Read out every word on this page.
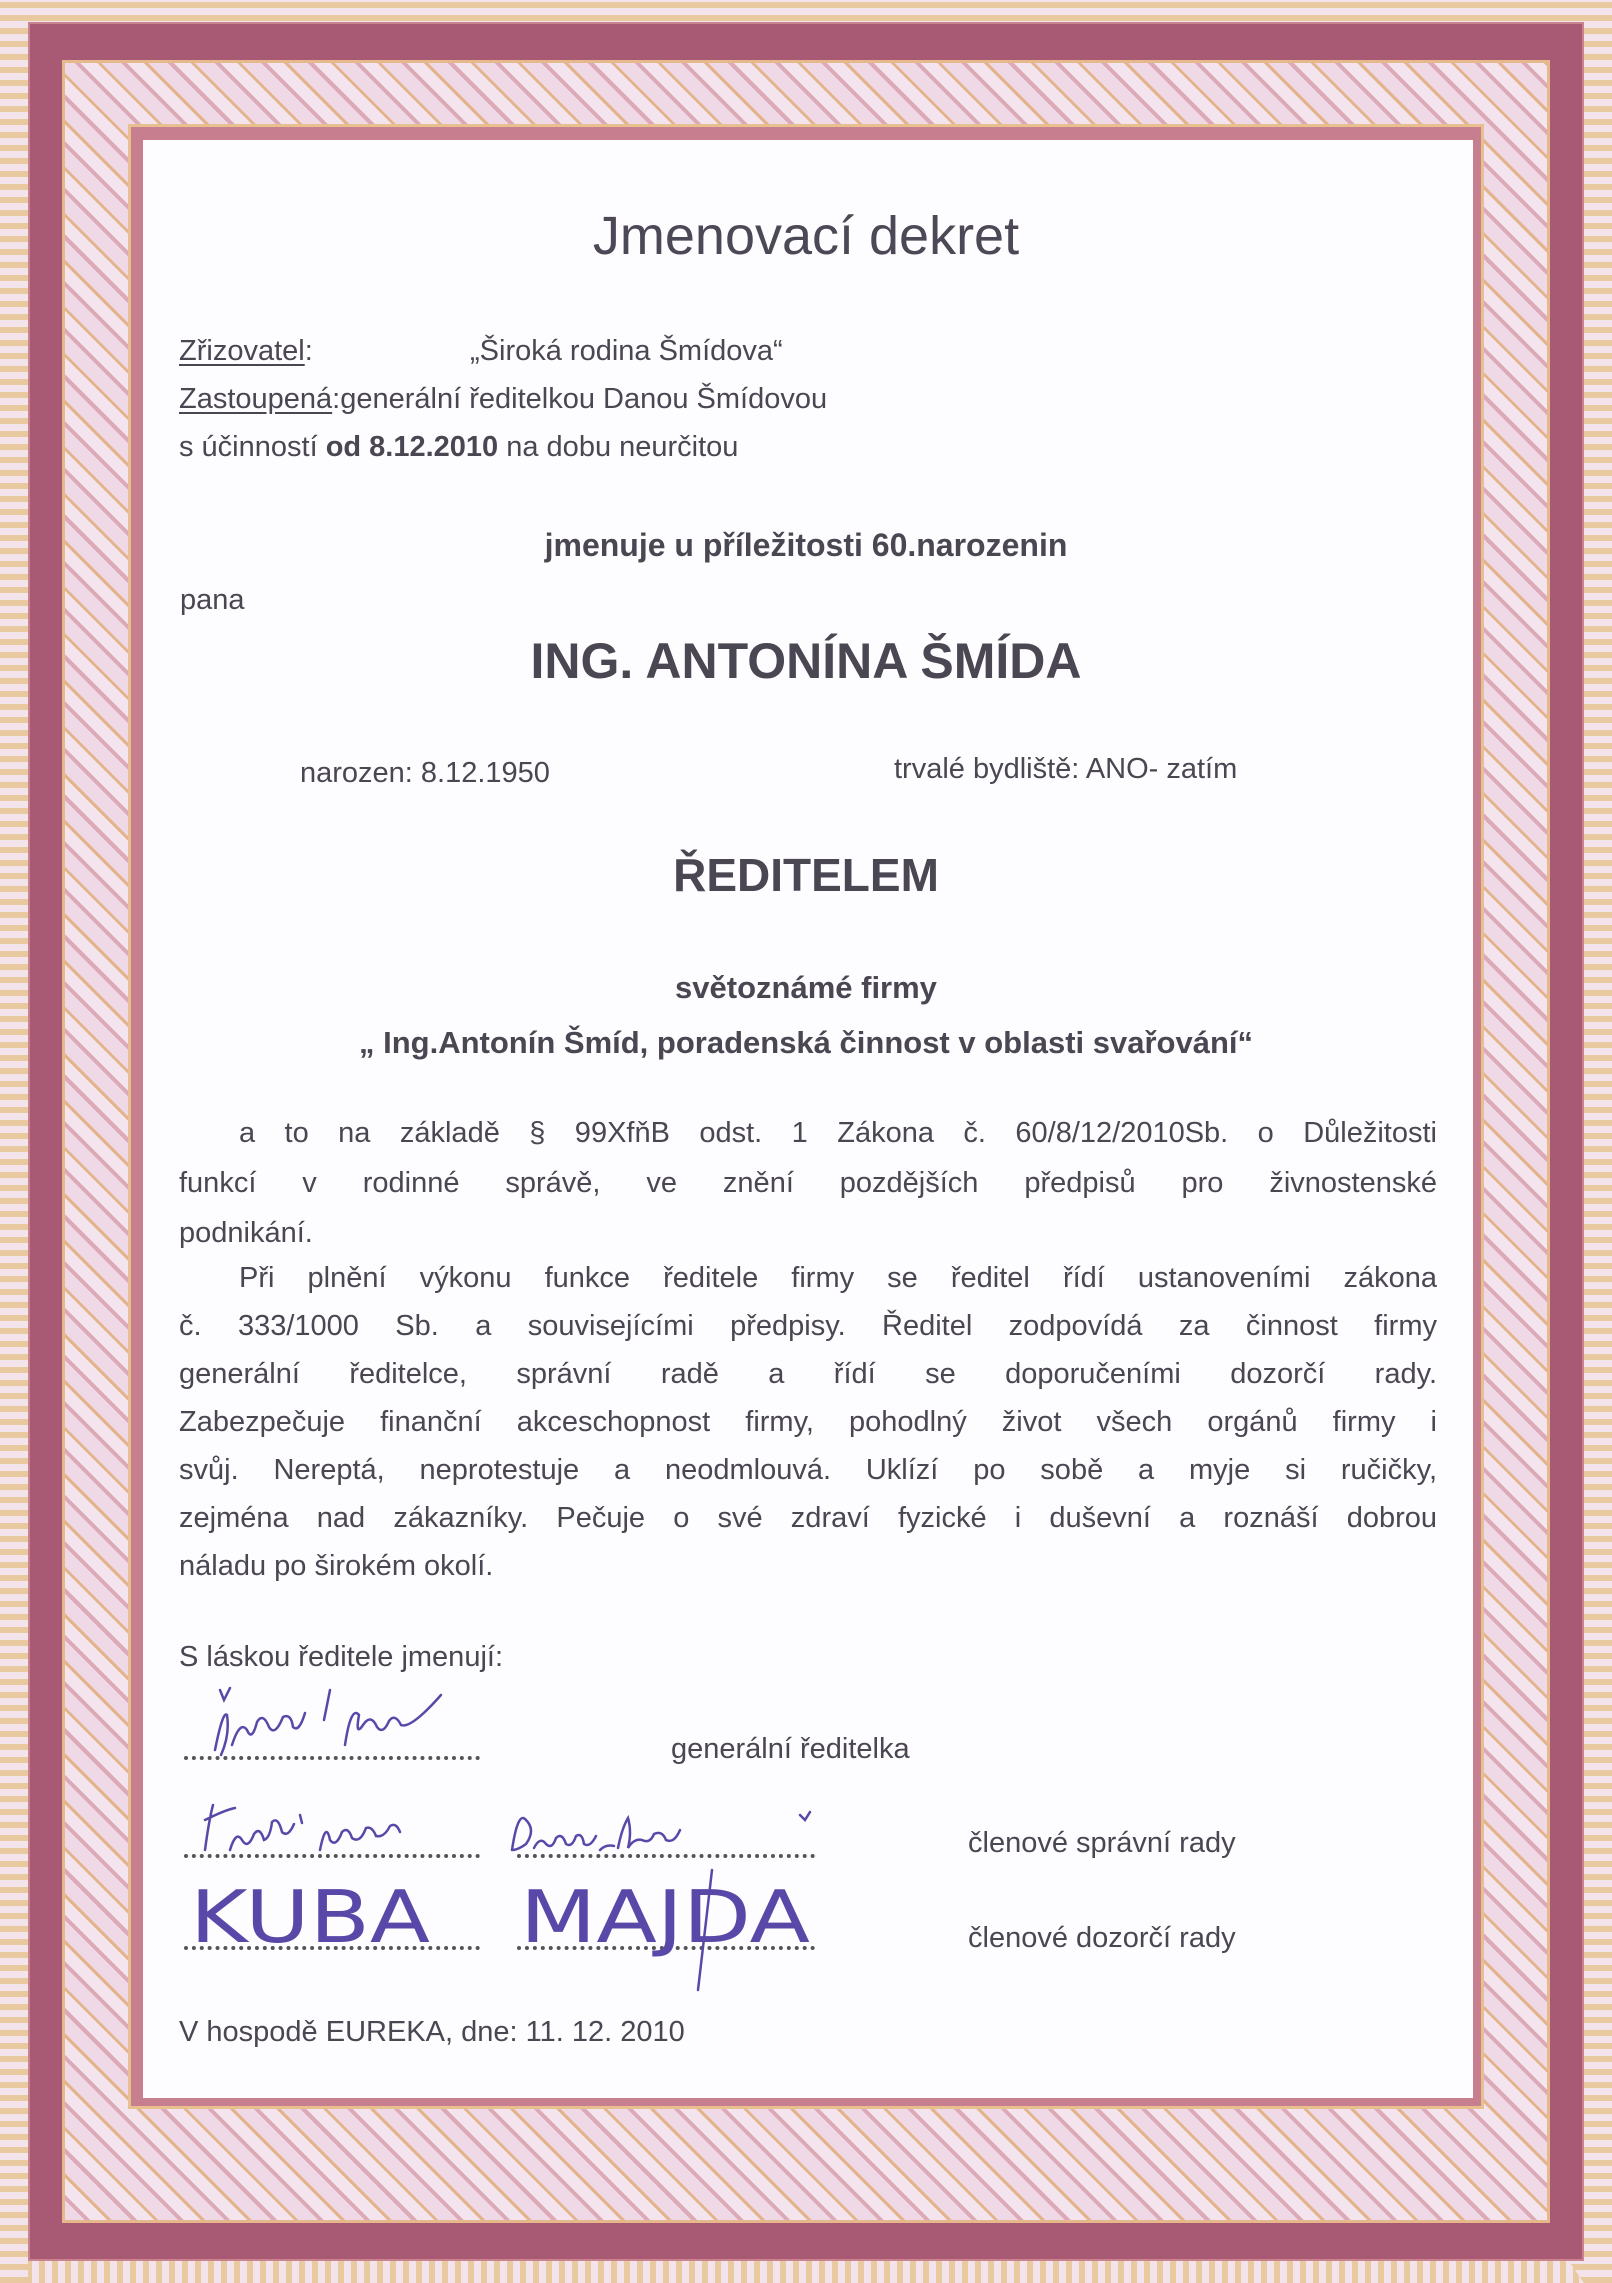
Jmenovací dekret
Zřizovatel:	„Široká rodina Šmídova“
Zastoupená:generální ředitelkou Danou Šmídovou
s účinností od 8.12.2010 na dobu neurčitou
jmenuje u příležitosti 60.narozenin
pana
ING. ANTONÍNA ŠMÍDA
narozen: 8.12.1950	trvalé bydliště: ANO- zatím
ŘEDITELEM
světoznámé firmy
„ Ing.Antonín Šmíd, poradenská činnost v oblasti svařování“
a to na základě § 99XfňB odst. 1 Zákona č. 60/8/12/2010Sb. o Důležitosti
funkcí v rodinné správě, ve znění pozdějších předpisů pro živnostenské
podnikání.
Při plnění výkonu funkce ředitele firmy se ředitel řídí ustanoveními zákona
č. 333/1000 Sb. a souvisejícími předpisy. Ředitel zodpovídá za činnost firmy
generální ředitelce, správní radě a řídí se doporučeními dozorčí rady.
Zabezpečuje finanční akceschopnost firmy, pohodlný život všech orgánů firmy i
svůj. Nereptá, neprotestuje a neodmlouvá. Uklízí po sobě a myje si ručičky,
zejména nad zákazníky. Pečuje o své zdraví fyzické i duševní a roznáší dobrou
náladu po širokém okolí.
S láskou ředitele jmenují:
generální ředitelka
členové správní rady
členové dozorčí rady
KUBA MAJDA
V hospodě EUREKA, dne: 11. 12. 2010
